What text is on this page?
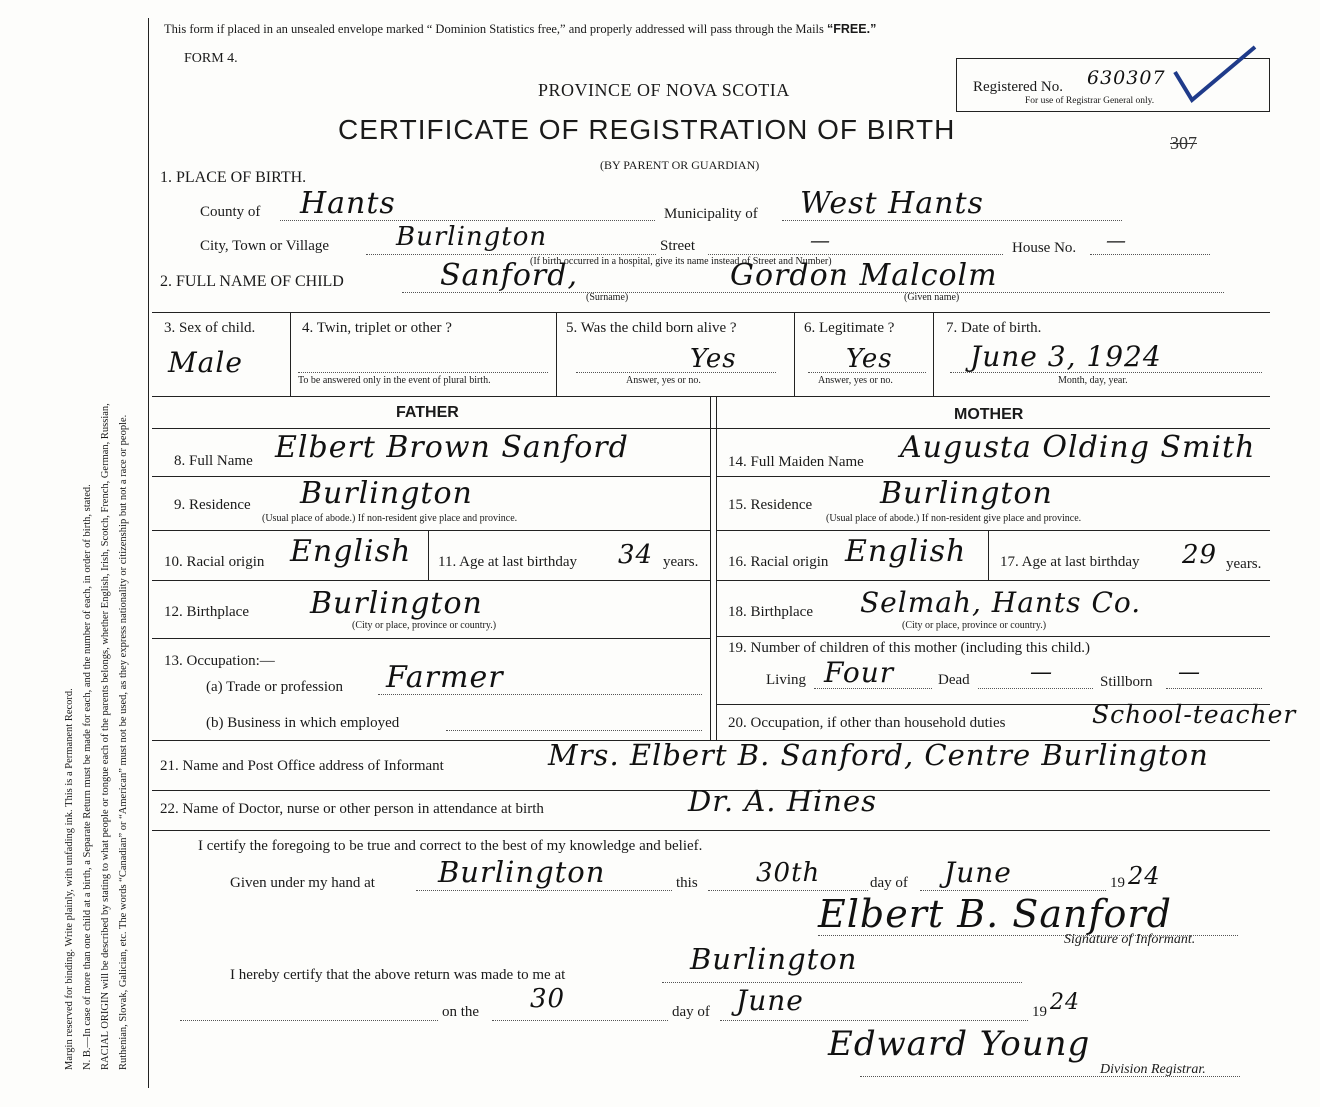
Margin reserved for binding. Write plainly, with unfading ink. This is a Permanent Record. N. B.—In case of more than one child at a birth, a Separate Return must be made for each, and the number of each, in order of birth, stated. RACIAL ORIGIN will be described by stating to what people or tongue each of the parents belongs, whether English, Irish, Scotch, French, German, Russian, Ruthenian, Slovak, Galician, etc. The words “Canadian” or “American” must not be used, as they express nationality or citizenship but not a race or people.
This form if placed in an unsealed envelope marked “ Dominion Statistics free,” and properly addressed will pass through the Mails “FREE.”
FORM 4.
PROVINCE OF NOVA SCOTIA
CERTIFICATE OF REGISTRATION OF BIRTH
(BY PARENT OR GUARDIAN)
Registered No. 630307
For use of Registrar General only.
307
1. PLACE OF BIRTH.
County of Hants	Municipality of West Hants
City, Town or Village	Burlington	Street	—	House No. —
(If birth occurred in a hospital, give its name instead of Street and Number)
2. FULL NAME OF CHILD	Sanford,	Gordon Malcolm
(Surname)	(Given name)
3. Sex of child.
Male
4. Twin, triplet or other ?
To be answered only in the event of plural birth.
5. Was the child born alive ?
Yes
Answer, yes or no.
6. Legitimate ?
Yes
Answer, yes or no.
7. Date of birth.
June 3, 1924
Month, day, year.
FATHER	MOTHER
8. Full Name Elbert Brown Sanford
9. Residence Burlington
(Usual place of abode.) If non-resident give place and province.
10. Racial origin English 11. Age at last birthday 34 years.
12. Birthplace Burlington
(City or place, province or country.)
13. Occupation:—
(a) Trade or profession Farmer
(b) Business in which employed
14. Full Maiden Name Augusta Olding Smith
15. Residence Burlington
(Usual place of abode.) If non-resident give place and province.
16. Racial origin English 17. Age at last birthday 29 years.
18. Birthplace Selmah, Hants Co.
(City or place, province or country.)
19. Number of children of this mother (including this child.)
Living Four	Dead	—	Stillborn —
20. Occupation, if other than household duties	School-teacher
21. Name and Post Office address of Informant	Mrs. Elbert B. Sanford, Centre Burlington
22. Name of Doctor, nurse or other person in attendance at birth	Dr. A. Hines
I certify the foregoing to be true and correct to the best of my knowledge and belief.
Given under my hand at Burlington	this 30th	day of June	19 24
Elbert B. Sanford
Signature of Informant.
I hereby certify that the above return was made to me at	Burlington
on the 30	day of June	19 24
Edward Young
Division Registrar.
